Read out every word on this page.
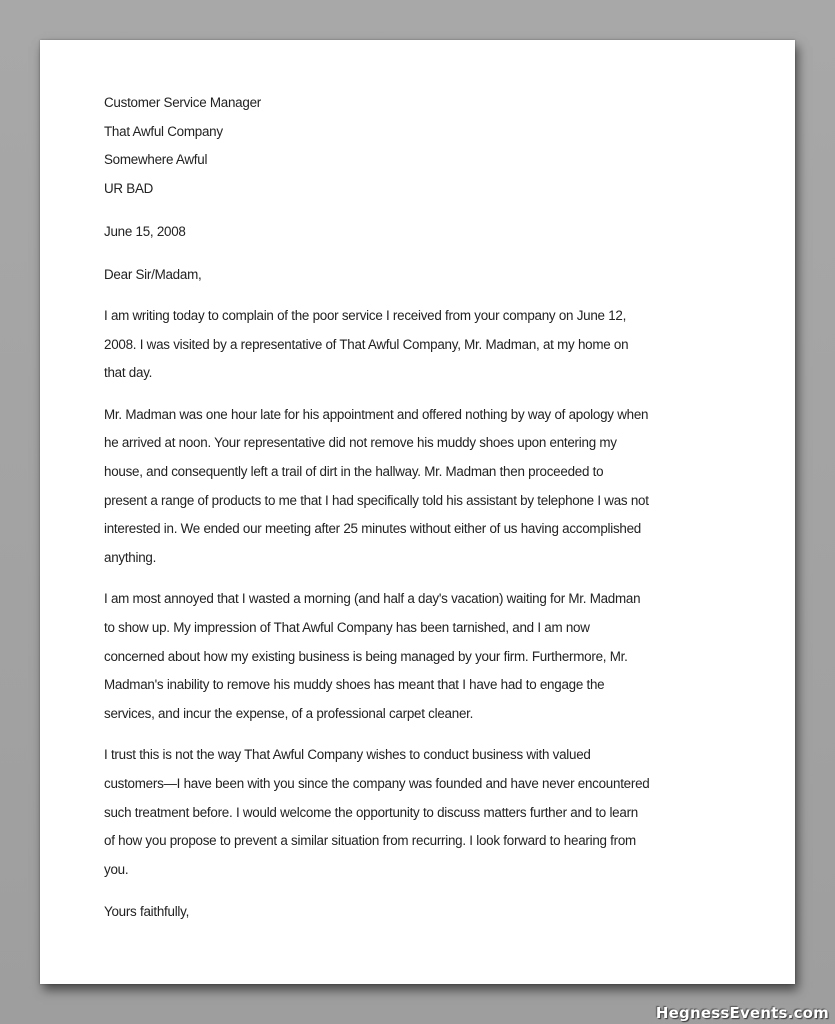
Customer Service Manager
That Awful Company
Somewhere Awful
UR BAD
June 15, 2008
Dear Sir/Madam,

I am writing today to complain of the poor service I received from your company on June 12,
2008. I was visited by a representative of That Awful Company, Mr. Madman, at my home on
that day.

Mr. Madman was one hour late for his appointment and offered nothing by way of apology when
he arrived at noon. Your representative did not remove his muddy shoes upon entering my
house, and consequently left a trail of dirt in the hallway. Mr. Madman then proceeded to
present a range of products to me that I had specifically told his assistant by telephone I was not
interested in. We ended our meeting after 25 minutes without either of us having accomplished
anything.

I am most annoyed that I wasted a morning (and half a day's vacation) waiting for Mr. Madman
to show up. My impression of That Awful Company has been tarnished, and I am now
concerned about how my existing business is being managed by your firm. Furthermore, Mr.
Madman's inability to remove his muddy shoes has meant that I have had to engage the
services, and incur the expense, of a professional carpet cleaner.

I trust this is not the way That Awful Company wishes to conduct business with valued
customers—I have been with you since the company was founded and have never encountered
such treatment before. I would welcome the opportunity to discuss matters further and to learn
of how you propose to prevent a similar situation from recurring. I look forward to hearing from
you.

Yours faithfully,
HegnessEvents.com
